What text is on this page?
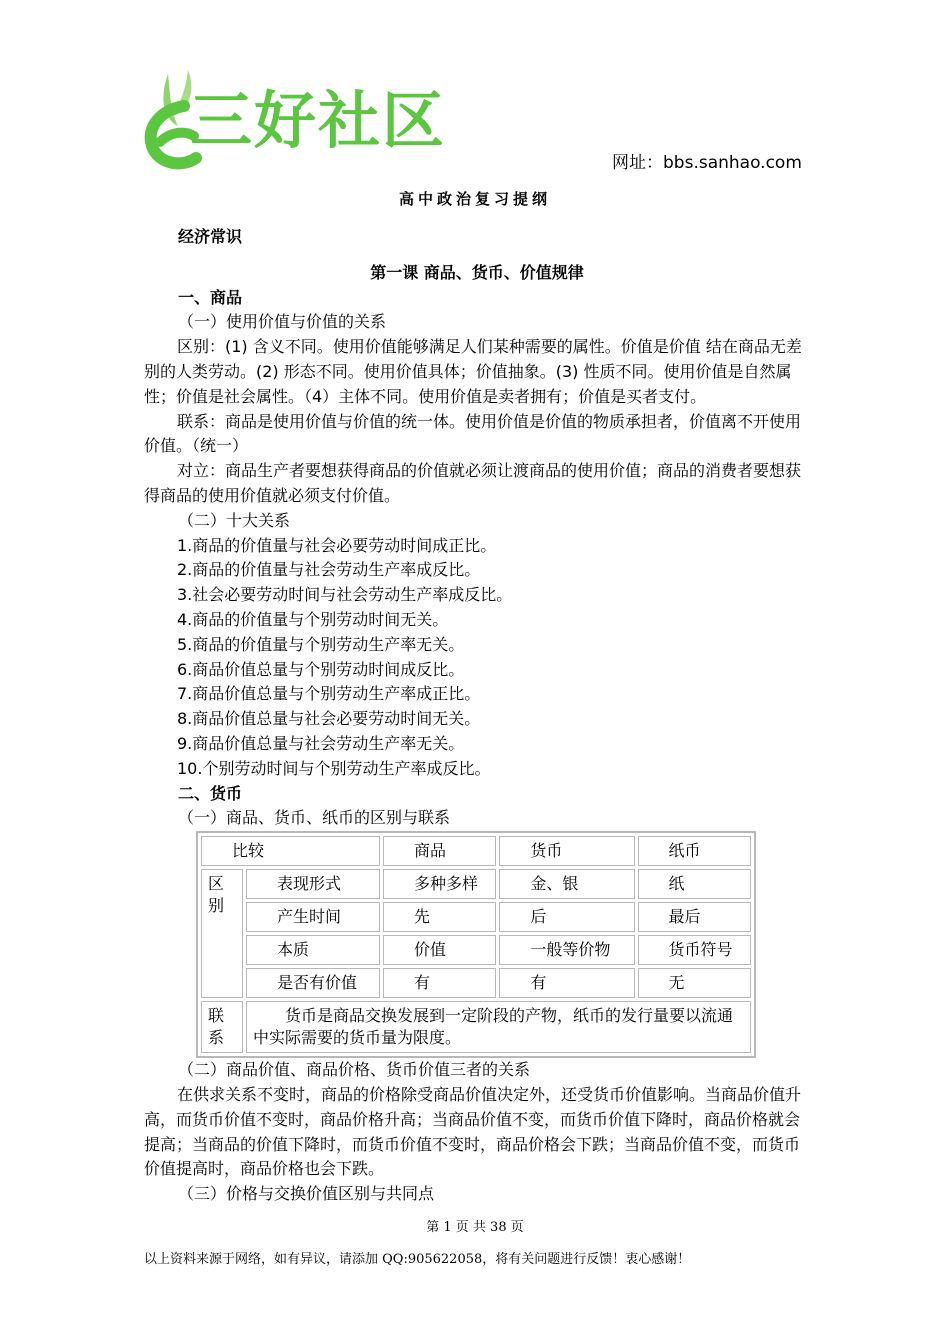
三好社区
网址：bbs.sanhao.com
高中政治复习提纲

经济常识

第一课 商品、货币、价值规律

一、商品

（一）使用价值与价值的关系

区别：(1) 含义不同。使用价值能够满足人们某种需要的属性。价值是价值 结在商品无差别的人类劳动。(2) 形态不同。使用价值具体；价值抽象。(3) 性质不同。使用价值是自然属性；价值是社会属性。（4）主体不同。使用价值是卖者拥有；价值是买者支付。

联系：商品是使用价值与价值的统一体。使用价值是价值的物质承担者，价值离不开使用价值。（统一）

对立：商品生产者要想获得商品的价值就必须让渡商品的使用价值；商品的消费者要想获得商品的使用价值就必须支付价值。

（二）十大关系

1.商品的价值量与社会必要劳动时间成正比。

2.商品的价值量与社会劳动生产率成反比。

3.社会必要劳动时间与社会劳动生产率成反比。

4.商品的价值量与个别劳动时间无关。

5.商品的价值量与个别劳动生产率无关。

6.商品价值总量与个别劳动时间成反比。

7.商品价值总量与个别劳动生产率成正比。

8.商品价值总量与社会必要劳动时间无关。

9.商品价值总量与社会劳动生产率无关。

10.个别劳动时间与个别劳动生产率成反比。

二、货币

（一）商品、货币、纸币的区别与联系

比较		商品	货币	纸币
区别	表现形式	多种多样	金、银	纸
	产生时间	先	后	最后
	本质	价值	一般等价物	货币符号
	是否有价值	有	有	无
联系	货币是商品交换发展到一定阶段的产物，纸币的发行量要以流通中实际需要的货币量为限度。			

（二）商品价值、商品价格、货币价值三者的关系

在供求关系不变时，商品的价格除受商品价值决定外，还受货币价值影响。当商品价值升高，而货币价值不变时，商品价格升高；当商品价值不变，而货币价值下降时，商品价格就会提高；当商品的价值下降时，而货币价值不变时，商品价格会下跌；当商品价值不变，而货币价值提高时，商品价格也会下跌。

（三）价格与交换价值区别与共同点

第 1 页 共 38 页
以上资料来源于网络，如有异议，请添加 QQ:905622058，将有关问题进行反馈！衷心感谢！
